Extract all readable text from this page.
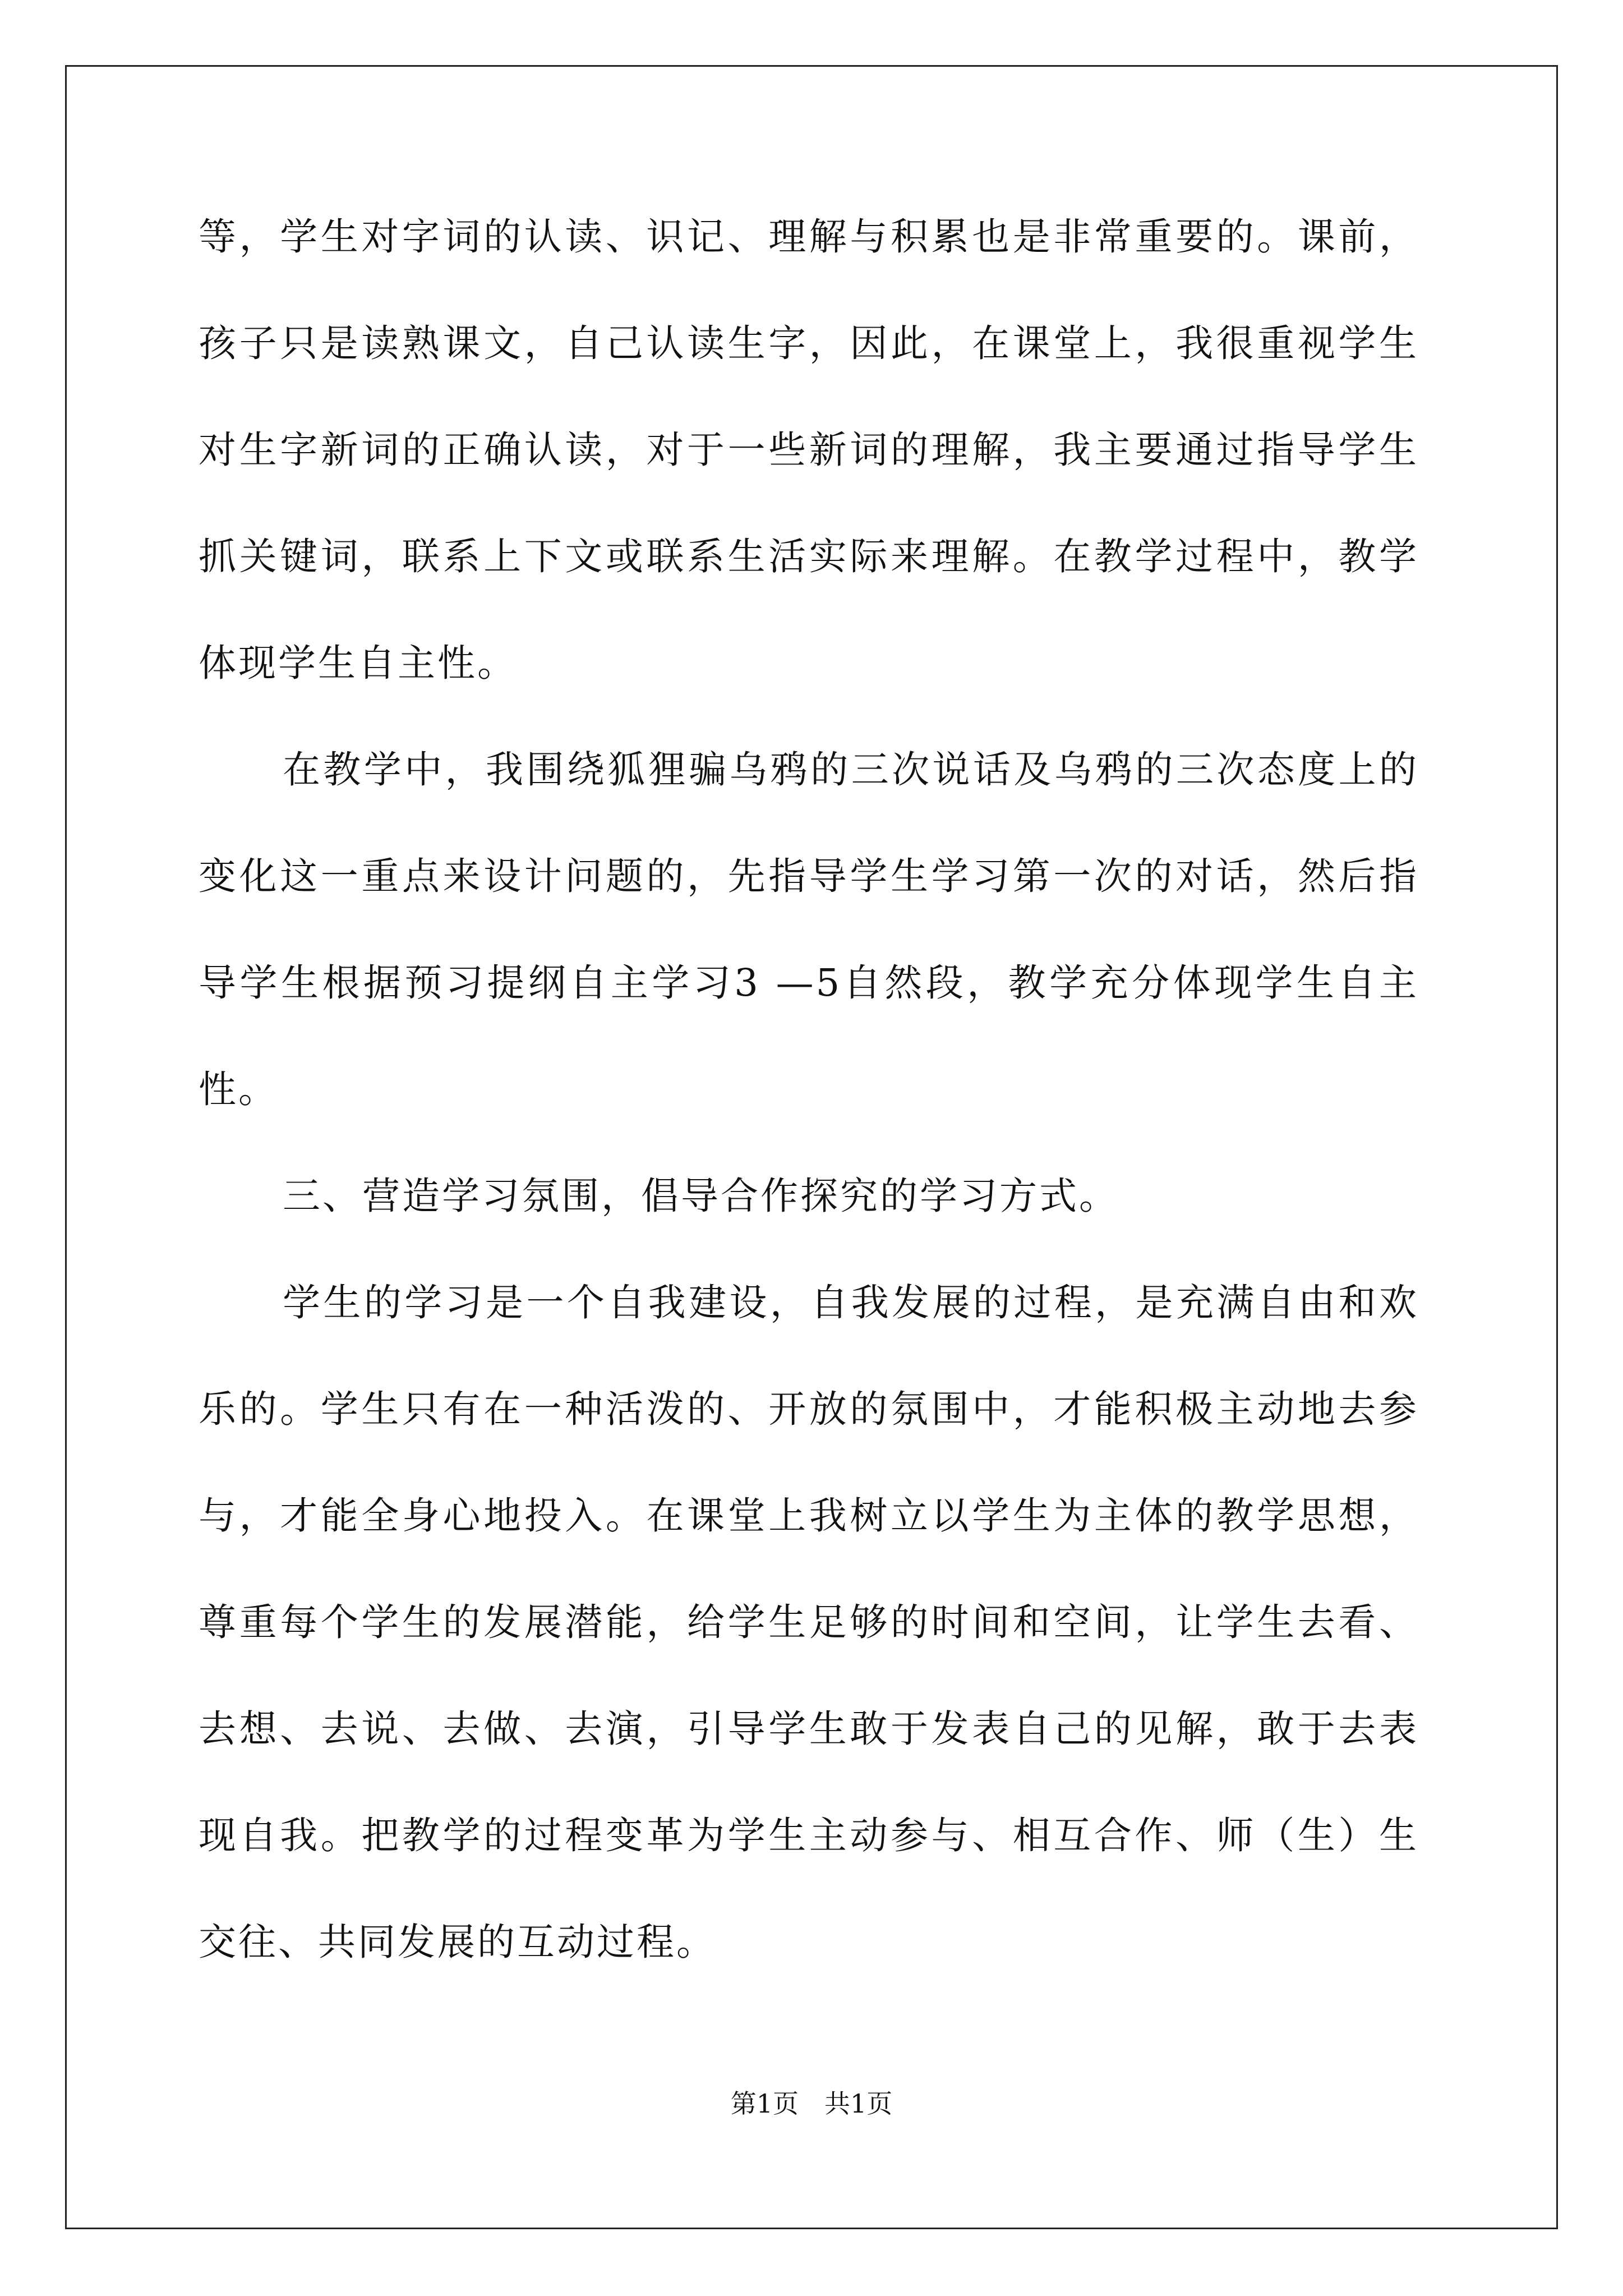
等，学生对字词的认读、识记、理解与积累也是非常重要的。课前，
孩子只是读熟课文，自己认读生字，因此，在课堂上，我很重视学生
对生字新词的正确认读，对于一些新词的理解，我主要通过指导学生
抓关键词，联系上下文或联系生活实际来理解。在教学过程中，教学
体现学生自主性。
在教学中，我围绕狐狸骗乌鸦的三次说话及乌鸦的三次态度上的
变化这一重点来设计问题的，先指导学生学习第一次的对话，然后指
导学生根据预习提纲自主学习3 —5自然段，教学充分体现学生自主
性。
三、营造学习氛围，倡导合作探究的学习方式。
学生的学习是一个自我建设，自我发展的过程，是充满自由和欢
乐的。学生只有在一种活泼的、开放的氛围中，才能积极主动地去参
与，才能全身心地投入。在课堂上我树立以学生为主体的教学思想，
尊重每个学生的发展潜能，给学生足够的时间和空间，让学生去看、
去想、去说、去做、去演，引导学生敢于发表自己的见解，敢于去表
现自我。把教学的过程变革为学生主动参与、相互合作、师（生）生
交往、共同发展的互动过程。
第1页　共1页
